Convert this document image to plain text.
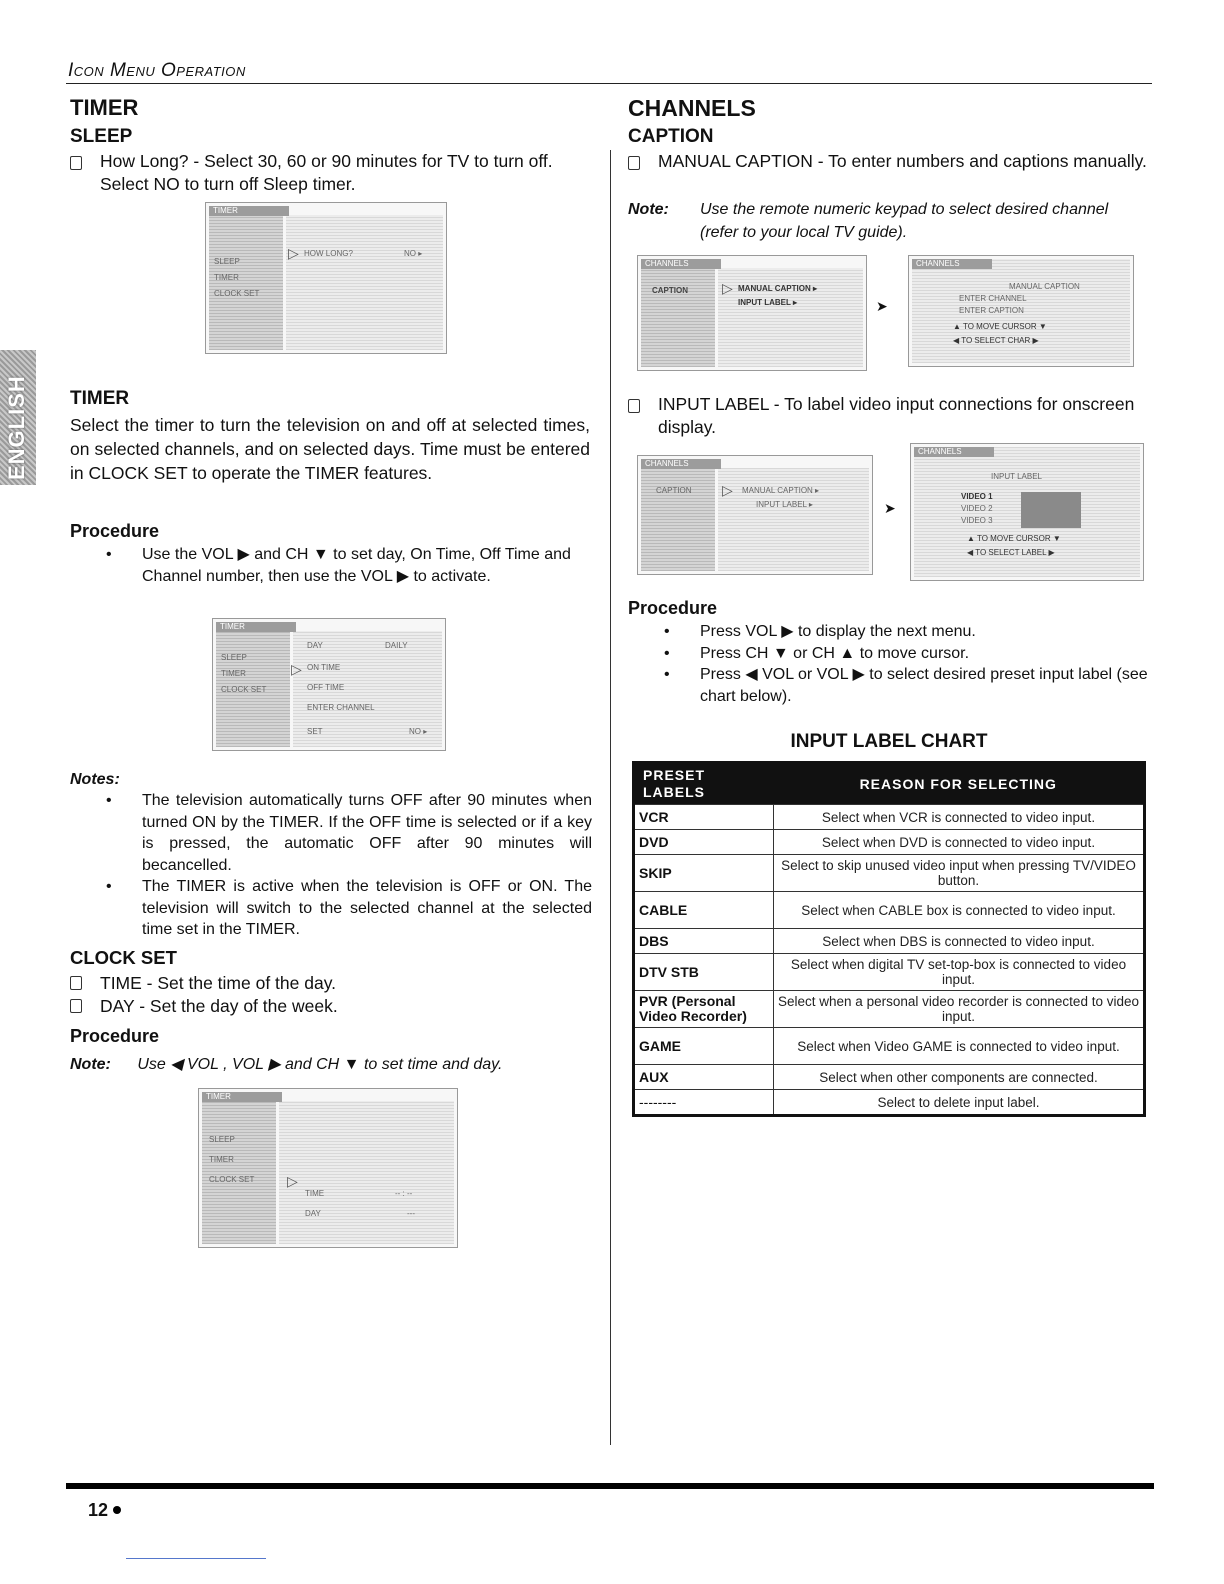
Icon Menu Operation
ENGLISH
TIMER
SLEEP
How Long? - Select 30, 60 or 90 minutes for TV to turn off. Select NO to turn off Sleep timer.
TIMER
SLEEP
TIMER
CLOCK SET
▷ HOW LONG?	NO ▸
TIMER
Select the timer to turn the television on and off at selected times, on selected channels, and on selected days. Time must be entered in CLOCK SET to operate the TIMER features.
Procedure
• Use the VOL ▶ and CH ▼ to set day, On Time, Off Time and Channel number, then use the VOL ▶ to activate.
TIMER
SLEEP
TIMER
CLOCK SET
DAY	DAILY
▷ ON TIME
OFF TIME
ENTER CHANNEL
SET	NO ▸
Notes:
• The television automatically turns OFF after 90 minutes when turned ON by the TIMER. If the OFF time is selected or if a key is pressed, the automatic OFF after 90 minutes will becancelled.
• The TIMER is active when the television is OFF or ON. The television will switch to the selected channel at the selected time set in the TIMER.
CLOCK SET
TIME - Set the time of the day.
DAY - Set the day of the week.
Procedure
Note: Use ◀ VOL , VOL ▶ and CH ▼ to set time and day.
TIMER
SLEEP
TIMER
CLOCK SET ▷
TIME	-- : --
DAY	---
CHANNELS
CAPTION
MANUAL CAPTION - To enter numbers and captions manually.
Note:	Use the remote numeric keypad to select desired channel (refer to your local TV guide).
CHANNELS
CAPTION ▷ MANUAL CAPTION ▸
INPUT LABEL ▸	➤
CHANNELS
MANUAL CAPTION
ENTER CHANNEL
ENTER CAPTION
▲ TO MOVE CURSOR ▼
◀ TO SELECT CHAR ▶
INPUT LABEL - To label video input connections for onscreen display.
CHANNELS
CAPTION ▷ MANUAL CAPTION ▸
INPUT LABEL ▸	➤
CHANNELS
INPUT LABEL
VIDEO 1
VIDEO 2
VIDEO 3
▲ TO MOVE CURSOR ▼
◀ TO SELECT LABEL ▶
Procedure
• Press VOL ▶ to display the next menu.
• Press CH ▼ or CH ▲ to move cursor.
• Press ◀ VOL or VOL ▶ to select desired preset input label (see chart below).
INPUT LABEL CHART
PRESET LABELS	REASON FOR SELECTING
VCR	Select when VCR is connected to video input.
DVD	Select when DVD is connected to video input.
SKIP	Select to skip unused video input when pressing TV/VIDEO button.
CABLE	Select when CABLE box is connected to video input.
DBS	Select when DBS is connected to video input.
DTV STB	Select when digital TV set-top-box is connected to video input.
PVR (Personal Video Recorder)	Select when a personal video recorder is connected to video input.
GAME	Select when Video GAME is connected to video input.
AUX	Select when other components are connected.
--------	Select to delete input label.
12
